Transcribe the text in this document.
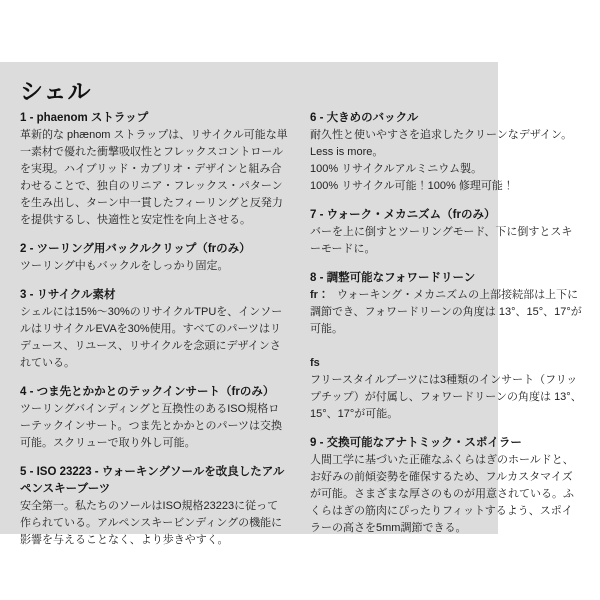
シェル
1 - phaenom ストラップ

革新的な phænom ストラップは、リサイクル可能な単一素材で優れた衝撃吸収性とフレックスコントロールを実現。ハイブリッド・カブリオ・デザインと組み合わせることで、独自のリニア・フレックス・パターンを生み出し、ターン中一貫したフィーリングと反発力を提供するし、快適性と安定性を向上させる。

2 - ツーリング用バックルクリップ（frのみ）

ツーリング中もバックルをしっかり固定。

3 - リサイクル素材

シェルには15%〜30%のリサイクルTPUを、インソールはリサイクルEVAを30%使用。すべてのパーツはリデュース、リユース、リサイクルを念頭にデザインされている。

4 - つま先とかかとのテックインサート（frのみ）

ツーリングバインディングと互換性のあるISO規格ローテックインサート。つま先とかかとのパーツは交換可能。スクリューで取り外し可能。

5 - ISO 23223 - ウォーキングソールを改良したアルペンスキーブーツ

安全第一。私たちのソールはISO規格23223に従って作られている。アルペンスキービンディングの機能に影響を与えることなく、より歩きやすく。

6 - 大きめのバックル

耐久性と使いやすさを追求したクリーンなデザイン。Less is more。

100% リサイクルアルミニウム製。

100% リサイクル可能！100% 修理可能！

7 - ウォーク・メカニズム（frのみ）

バーを上に倒すとツーリングモード、下に倒すとスキーモードに。

8 - 調整可能なフォワードリーン

fr： ウォーキング・メカニズムの上部接続部は上下に調節でき、フォワードリーンの角度は 13°、15°、17°が可能。

fs

フリースタイルブーツには3種類のインサート（フリップチップ）が付属し、フォワードリーンの角度は 13°、15°、17°が可能。

9 - 交換可能なアナトミック・スポイラー

人間工学に基づいた正確なふくらはぎのホールドと、お好みの前傾姿勢を確保するため、フルカスタマイズが可能。さまざまな厚さのものが用意されている。ふくらはぎの筋肉にぴったりフィットするよう、スポイラーの高さを5mm調節できる。
